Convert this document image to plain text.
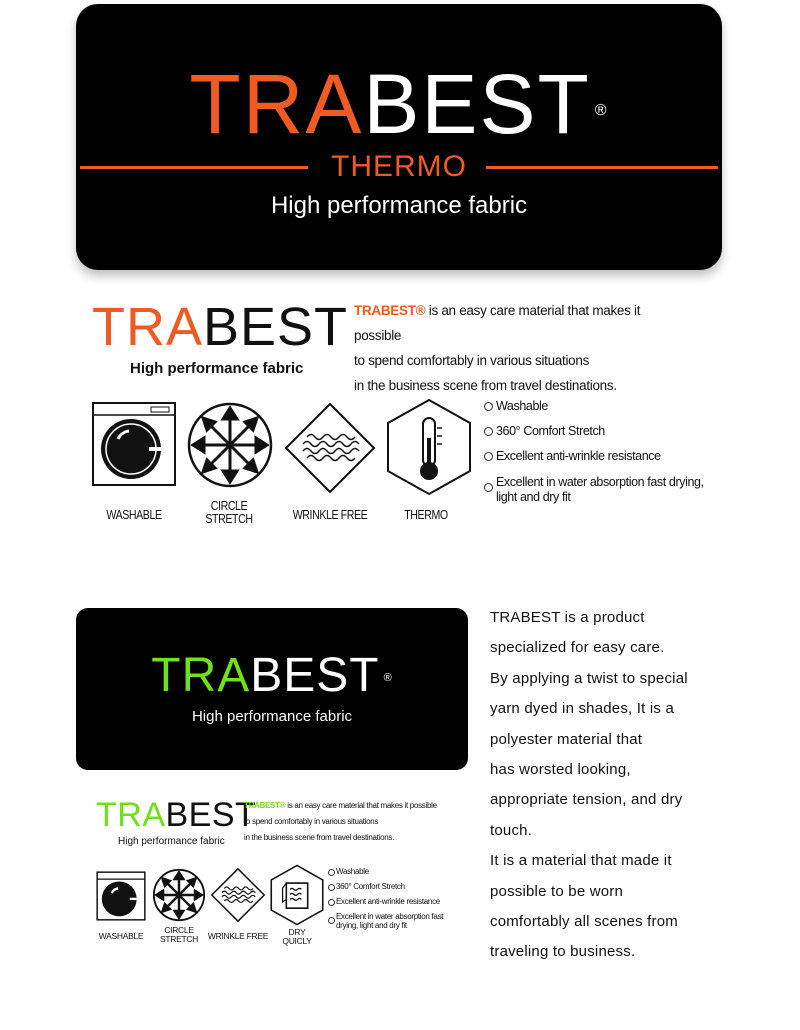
TRABEST ®
THERMO
High performance fabric
TRABEST
High performance fabric
TRABEST® is an easy care material that makes it possible
to spend comfortably in various situations
in the business scene from travel destinations.
WASHABLE
CIRCLE STRETCH	WRINKLE FREE	THERMO
Washable
360° Comfort Stretch
Excellent anti-wrinkle resistance
Excellent in water absorption fast drying, light and dry fit
TRABEST ®
High performance fabric

TRABEST is a product

specialized for easy care.

By applying a twist to special

yarn dyed in shades, It is a

polyester material that

has worsted looking,

appropriate tension, and dry

touch.

It is a material that made it

possible to be worn

comfortably all scenes from

traveling to business.

TRABEST
High performance fabric
TRABEST® is an easy care material that makes it possible
to spend comfortably in various situations
in the business scene from travel destinations.
WASHABLE
CIRCLE STRETCH	WRINKLE FREE	DRY QUICLY
Washable
360° Comfort Stretch
Excellent anti-wrinkle resistance
Excellent in water absorption fast drying, light and dry fit
